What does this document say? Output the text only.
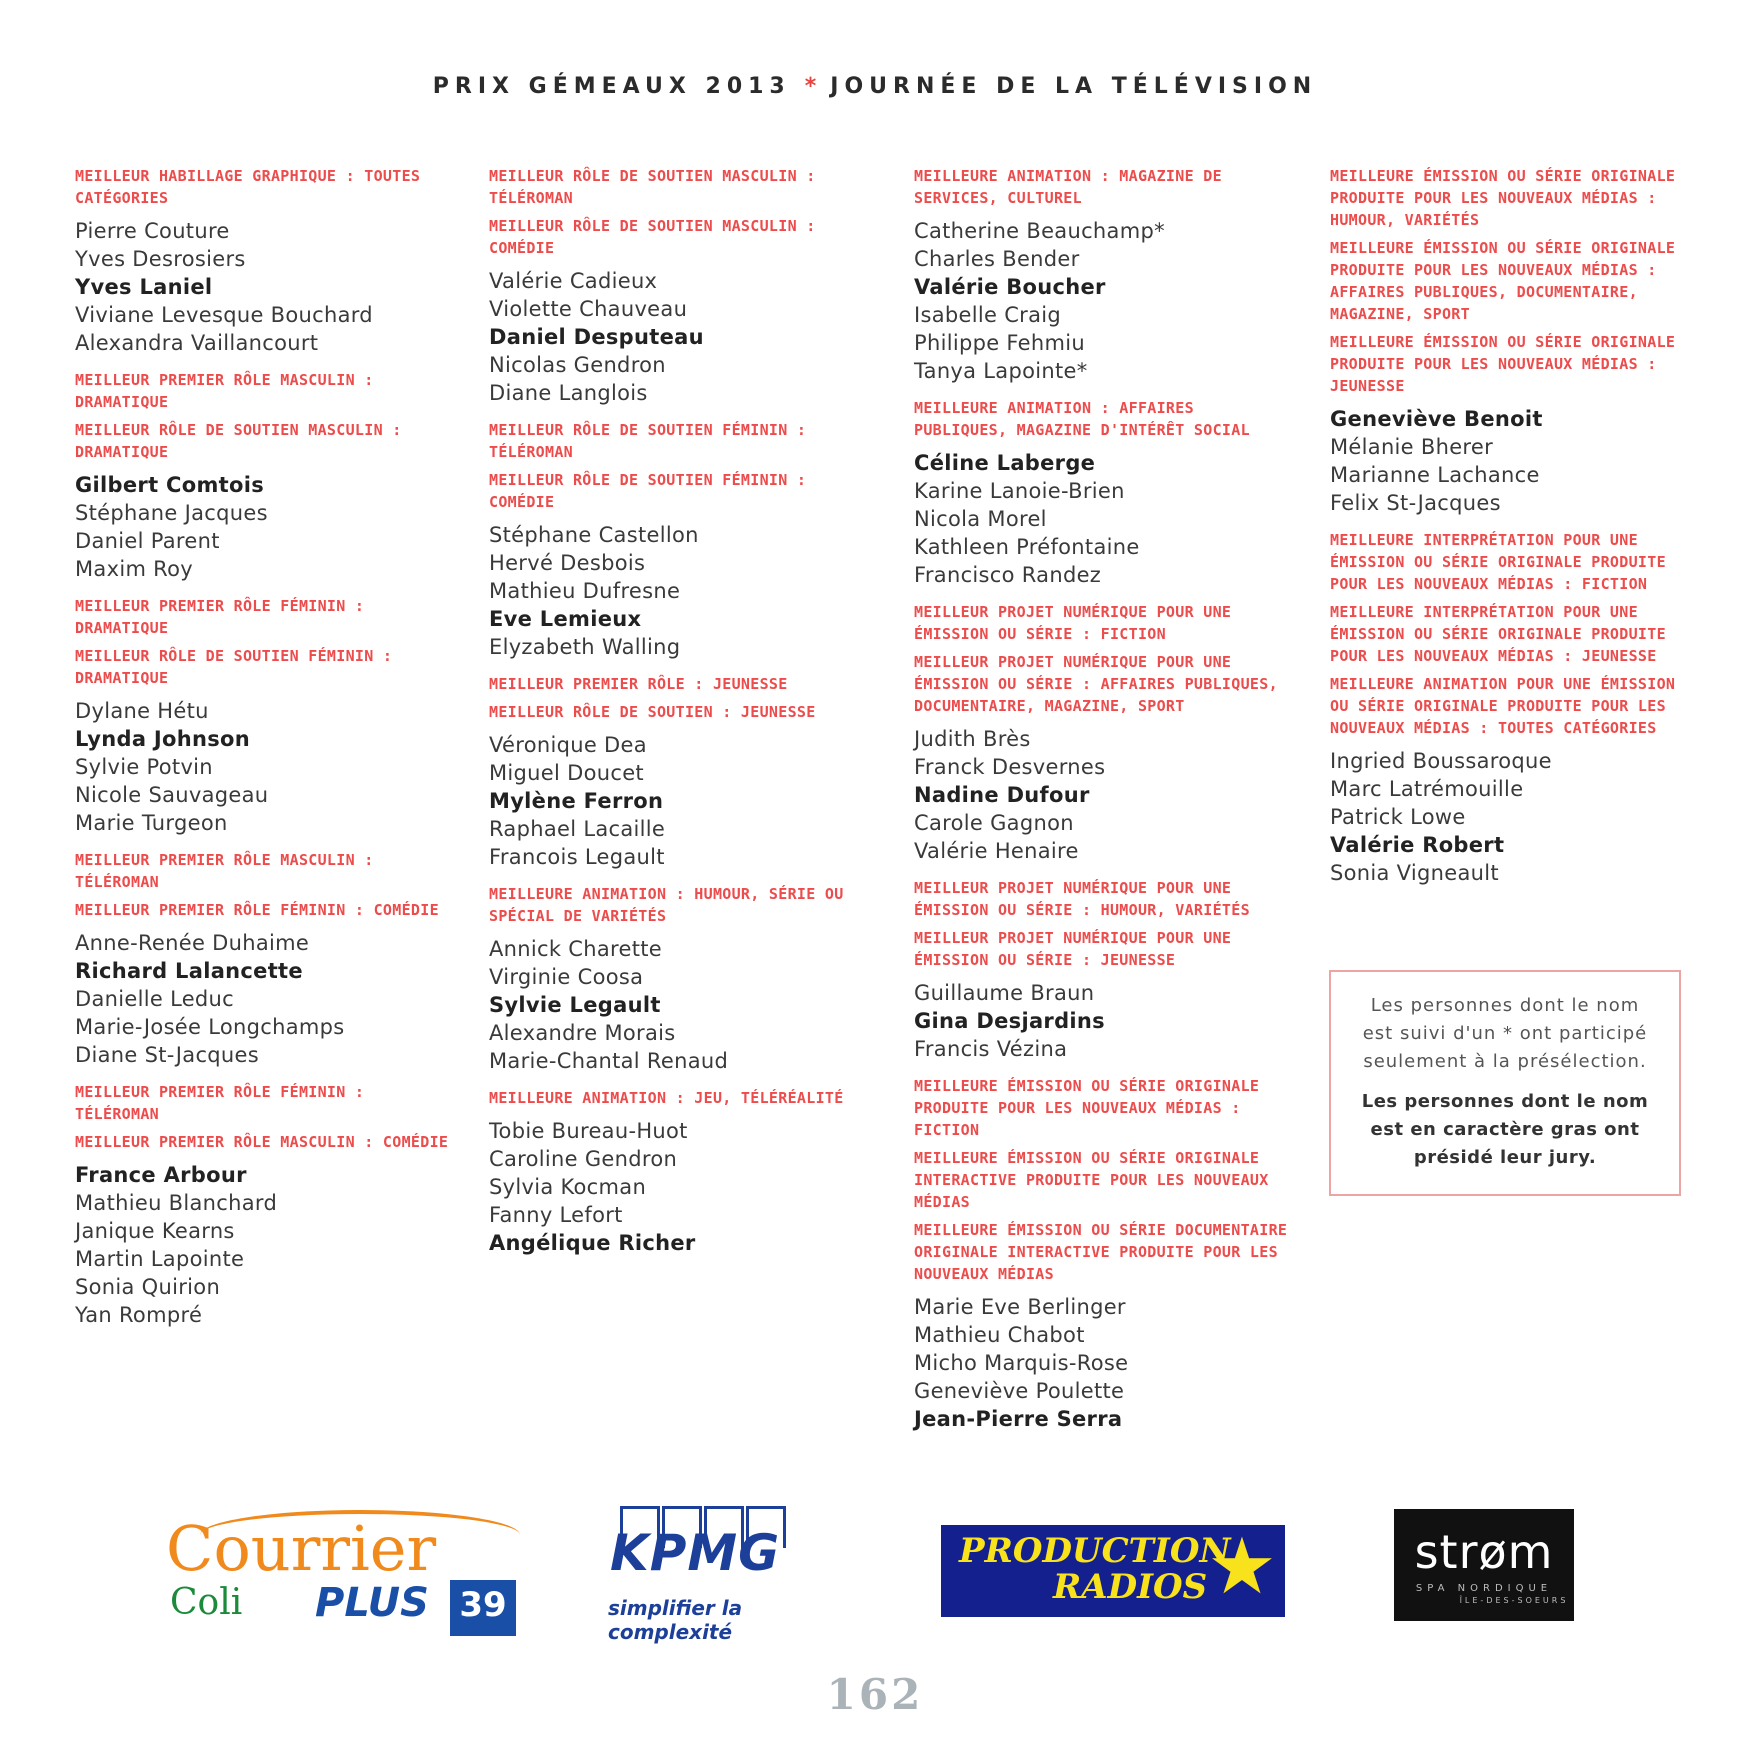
PRIX GÉMEAUX 2013 * JOURNÉE DE LA TÉLÉVISION
MEILLEUR HABILLAGE GRAPHIQUE : TOUTES CATÉGORIES
Pierre Couture
Yves Desrosiers
Yves Laniel
Viviane Levesque Bouchard
Alexandra Vaillancourt
MEILLEUR PREMIER RÔLE MASCULIN : DRAMATIQUE
MEILLEUR RÔLE DE SOUTIEN MASCULIN : DRAMATIQUE
Gilbert Comtois
Stéphane Jacques
Daniel Parent
Maxim Roy
MEILLEUR PREMIER RÔLE FÉMININ : DRAMATIQUE
MEILLEUR RÔLE DE SOUTIEN FÉMININ : DRAMATIQUE
Dylane Hétu
Lynda Johnson
Sylvie Potvin
Nicole Sauvageau
Marie Turgeon
MEILLEUR PREMIER RÔLE MASCULIN : TÉLÉROMAN
MEILLEUR PREMIER RÔLE FÉMININ : COMÉDIE
Anne-Renée Duhaime
Richard Lalancette
Danielle Leduc
Marie-Josée Longchamps
Diane St-Jacques
MEILLEUR PREMIER RÔLE FÉMININ : TÉLÉROMAN
MEILLEUR PREMIER RÔLE MASCULIN : COMÉDIE
France Arbour
Mathieu Blanchard
Janique Kearns
Martin Lapointe
Sonia Quirion
Yan Rompré
MEILLEUR RÔLE DE SOUTIEN MASCULIN : TÉLÉROMAN
MEILLEUR RÔLE DE SOUTIEN MASCULIN : COMÉDIE
Valérie Cadieux
Violette Chauveau
Daniel Desputeau
Nicolas Gendron
Diane Langlois
MEILLEUR RÔLE DE SOUTIEN FÉMININ : TÉLÉROMAN
MEILLEUR RÔLE DE SOUTIEN FÉMININ : COMÉDIE
Stéphane Castellon
Hervé Desbois
Mathieu Dufresne
Eve Lemieux
Elyzabeth Walling
MEILLEUR PREMIER RÔLE : JEUNESSE
MEILLEUR RÔLE DE SOUTIEN : JEUNESSE
Véronique Dea
Miguel Doucet
Mylène Ferron
Raphael Lacaille
Francois Legault
MEILLEURE ANIMATION : HUMOUR, SÉRIE OU SPÉCIAL DE VARIÉTÉS
Annick Charette
Virginie Coosa
Sylvie Legault
Alexandre Morais
Marie-Chantal Renaud
MEILLEURE ANIMATION : JEU, TÉLÉRÉALITÉ
Tobie Bureau-Huot
Caroline Gendron
Sylvia Kocman
Fanny Lefort
Angélique Richer
MEILLEURE ANIMATION : MAGAZINE DE SERVICES, CULTUREL
Catherine Beauchamp*
Charles Bender
Valérie Boucher
Isabelle Craig
Philippe Fehmiu
Tanya Lapointe*
MEILLEURE ANIMATION : AFFAIRES PUBLIQUES, MAGAZINE D'INTÉRÊT SOCIAL
Céline Laberge
Karine Lanoie-Brien
Nicola Morel
Kathleen Préfontaine
Francisco Randez
MEILLEUR PROJET NUMÉRIQUE POUR UNE ÉMISSION OU SÉRIE : FICTION
MEILLEUR PROJET NUMÉRIQUE POUR UNE ÉMISSION OU SÉRIE : AFFAIRES PUBLIQUES, DOCUMENTAIRE, MAGAZINE, SPORT
Judith Brès
Franck Desvernes
Nadine Dufour
Carole Gagnon
Valérie Henaire
MEILLEUR PROJET NUMÉRIQUE POUR UNE ÉMISSION OU SÉRIE : HUMOUR, VARIÉTÉS
MEILLEUR PROJET NUMÉRIQUE POUR UNE ÉMISSION OU SÉRIE : JEUNESSE
Guillaume Braun
Gina Desjardins
Francis Vézina
MEILLEURE ÉMISSION OU SÉRIE ORIGINALE PRODUITE POUR LES NOUVEAUX MÉDIAS : FICTION
MEILLEURE ÉMISSION OU SÉRIE ORIGINALE INTERACTIVE PRODUITE POUR LES NOUVEAUX MÉDIAS
MEILLEURE ÉMISSION OU SÉRIE DOCUMENTAIRE ORIGINALE INTERACTIVE PRODUITE POUR LES NOUVEAUX MÉDIAS
Marie Eve Berlinger
Mathieu Chabot
Micho Marquis-Rose
Geneviève Poulette
Jean-Pierre Serra
MEILLEURE ÉMISSION OU SÉRIE ORIGINALE PRODUITE POUR LES NOUVEAUX MÉDIAS : HUMOUR, VARIÉTÉS
MEILLEURE ÉMISSION OU SÉRIE ORIGINALE PRODUITE POUR LES NOUVEAUX MÉDIAS : AFFAIRES PUBLIQUES, DOCUMENTAIRE, MAGAZINE, SPORT
MEILLEURE ÉMISSION OU SÉRIE ORIGINALE PRODUITE POUR LES NOUVEAUX MÉDIAS : JEUNESSE
Geneviève Benoit
Mélanie Bherer
Marianne Lachance
Felix St-Jacques
MEILLEURE INTERPRÉTATION POUR UNE ÉMISSION OU SÉRIE ORIGINALE PRODUITE POUR LES NOUVEAUX MÉDIAS : FICTION
MEILLEURE INTERPRÉTATION POUR UNE ÉMISSION OU SÉRIE ORIGINALE PRODUITE POUR LES NOUVEAUX MÉDIAS : JEUNESSE
MEILLEURE ANIMATION POUR UNE ÉMISSION OU SÉRIE ORIGINALE PRODUITE POUR LES NOUVEAUX MÉDIAS : TOUTES CATÉGORIES
Ingried Boussaroque
Marc Latrémouille
Patrick Lowe
Valérie Robert
Sonia Vigneault
Les personnes dont le nom est suivi d'un * ont participé seulement à la présélection.
Les personnes dont le nom est en caractère gras ont présidé leur jury.
Courrier
Coli PLUS 39
KPMG
simplifier la complexité
PRODUCTION
RADIOS ★	strøm
SPA NORDIQUE
ÎLE-DES-SOEURS
162
